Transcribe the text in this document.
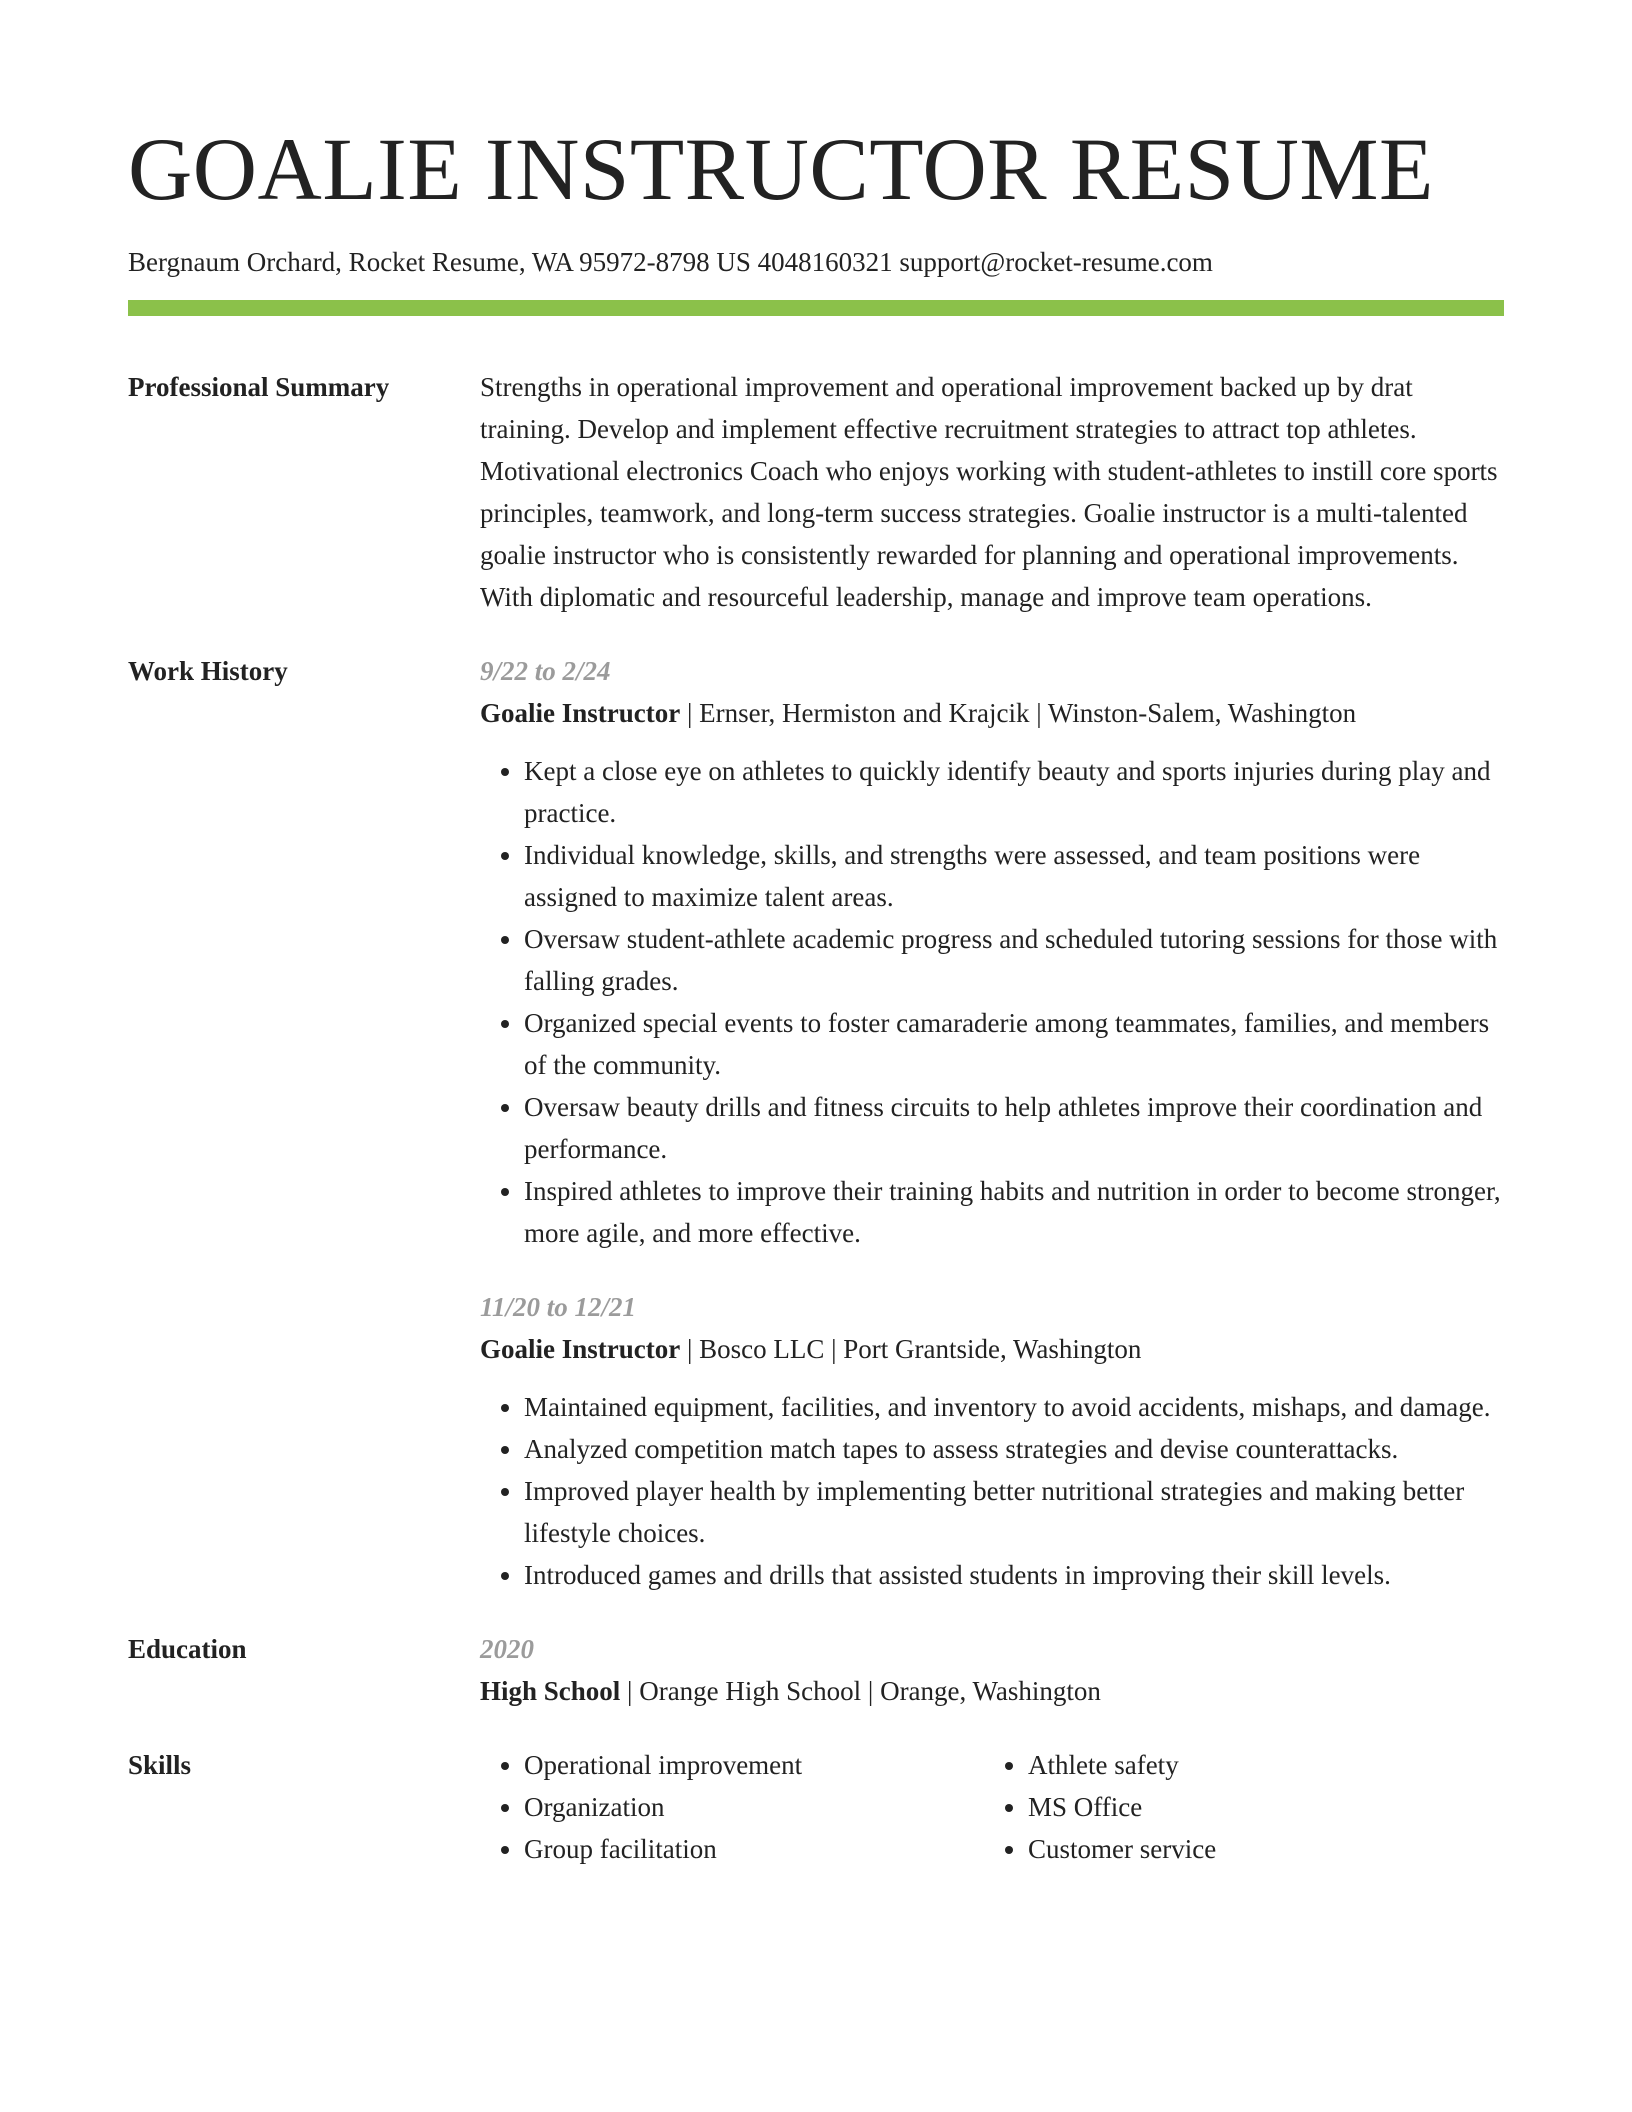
GOALIE INSTRUCTOR RESUME
Bergnaum Orchard, Rocket Resume, WA 95972-8798 US 4048160321 support@rocket-resume.com
Professional Summary	Strengths in operational improvement and operational improvement backed up by drat training. Develop and implement effective recruitment strategies to attract top athletes. Motivational electronics Coach who enjoys working with student-athletes to instill core sports principles, teamwork, and long-term success strategies. Goalie instructor is a multi-talented goalie instructor who is consistently rewarded for planning and operational improvements. With diplomatic and resourceful leadership, manage and improve team operations.
Work History	9/22 to 2/24
Goalie Instructor | Ernser, Hermiston and Krajcik | Winston-Salem, Washington
• Kept a close eye on athletes to quickly identify beauty and sports injuries during play and practice.
• Individual knowledge, skills, and strengths were assessed, and team positions were assigned to maximize talent areas.
• Oversaw student-athlete academic progress and scheduled tutoring sessions for those with falling grades.
• Organized special events to foster camaraderie among teammates, families, and members of the community.
• Oversaw beauty drills and fitness circuits to help athletes improve their coordination and performance.
• Inspired athletes to improve their training habits and nutrition in order to become stronger, more agile, and more effective.
11/20 to 12/21
Goalie Instructor | Bosco LLC | Port Grantside, Washington
• Maintained equipment, facilities, and inventory to avoid accidents, mishaps, and damage.
• Analyzed competition match tapes to assess strategies and devise counterattacks.
• Improved player health by implementing better nutritional strategies and making better lifestyle choices.
• Introduced games and drills that assisted students in improving their skill levels.
Education	2020
High School | Orange High School | Orange, Washington
Skills
•	Operational improvement
• Organization
• Group facilitation
• Athlete safety
• MS Office
• Customer service
